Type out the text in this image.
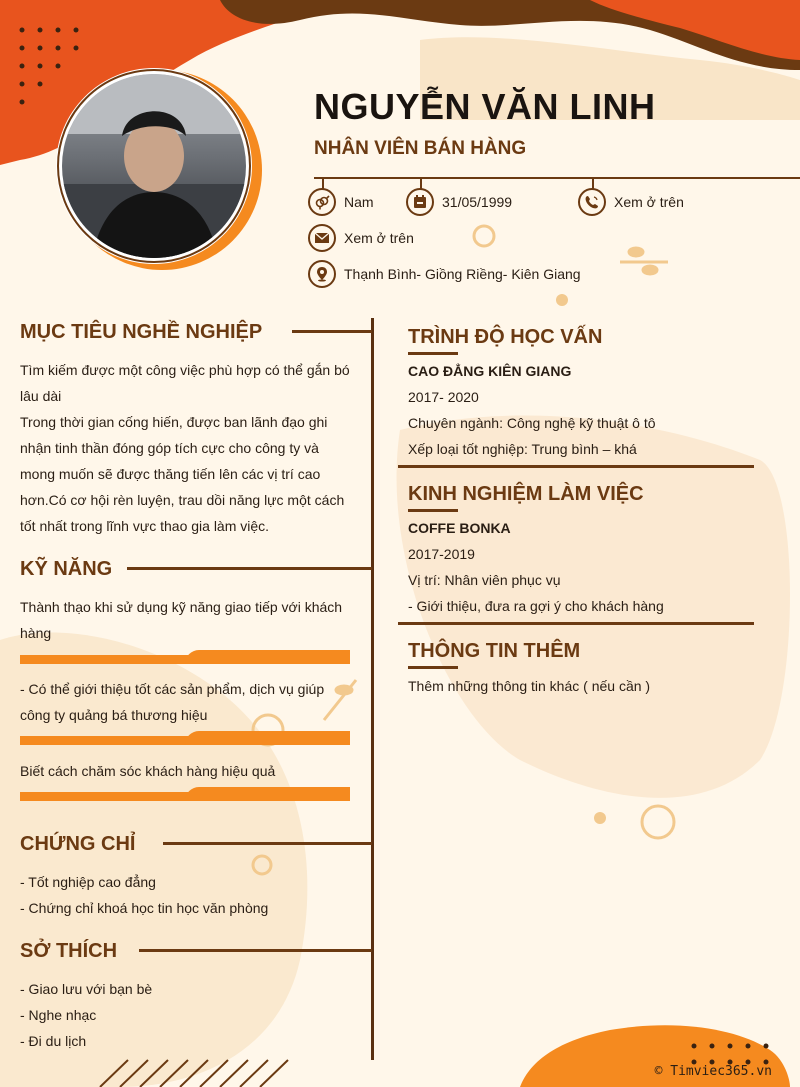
NGUYỄN VĂN LINH
NHÂN VIÊN BÁN HÀNG
Nam	31/05/1999	Xem ở trên
Xem ở trên
Thạnh Bình- Giồng Riềng- Kiên Giang
MỤC TIÊU NGHỀ NGHIỆP
Tìm kiếm được một công việc phù hợp có thể gắn bó
lâu dài
Trong thời gian cống hiến, được ban lãnh đạo ghi
nhận tinh thần đóng góp tích cực cho công ty và
mong muốn sẽ được thăng tiến lên các vị trí cao
hơn.Có cơ hội rèn luyện, trau dồi năng lực một cách
tốt nhất trong lĩnh vực thao gia làm việc.
KỸ NĂNG
Thành thạo khi sử dụng kỹ năng giao tiếp với khách
hàng
- Có thể giới thiệu tốt các sản phẩm, dịch vụ giúp
công ty quảng bá thương hiệu
Biết cách chăm sóc khách hàng hiệu quả
CHỨNG CHỈ
- Tốt nghiệp cao đẳng
- Chứng chỉ khoá học tin học văn phòng
SỞ THÍCH
- Giao lưu với bạn bè
- Nghe nhạc
- Đi du lịch
TRÌNH ĐỘ HỌC VẤN
CAO ĐẲNG KIÊN GIANG
2017- 2020
Chuyên ngành: Công nghệ kỹ thuật ô tô
Xếp loại tốt nghiệp: Trung bình – khá
KINH NGHIỆM LÀM VIỆC
COFFE BONKA
2017-2019
Vị trí: Nhân viên phục vụ
- Giới thiệu, đưa ra gợi ý cho khách hàng
THÔNG TIN THÊM
Thêm những thông tin khác ( nếu cần )
© Timviec365.vn
